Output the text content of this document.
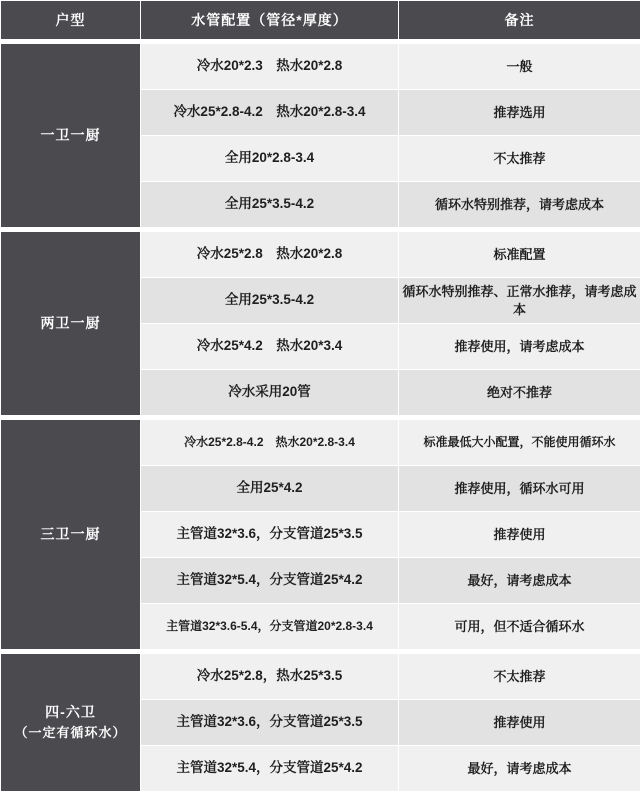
户型	水管配置（管径*厚度）	备注

一卫一厨	冷水20*2.3　热水20*2.8	一般
	冷水25*2.8-4.2　热水20*2.8-3.4	推荐选用
	全用20*2.8-3.4	不太推荐
	全用25*3.5-4.2	循环水特别推荐，请考虑成本

两卫一厨	冷水25*2.8　热水20*2.8	标准配置
	全用25*3.5-4.2	循环水特别推荐、正常水推荐，请考虑成本
	冷水25*4.2　热水20*3.4	推荐使用，请考虑成本
	冷水采用20管	绝对不推荐

三卫一厨	冷水25*2.8-4.2　热水20*2.8-3.4	标准最低大小配置，不能使用循环水
	全用25*4.2	推荐使用，循环水可用
	主管道32*3.6，分支管道25*3.5	推荐使用
	主管道32*5.4，分支管道25*4.2	最好，请考虑成本
	主管道32*3.6-5.4，分支管道20*2.8-3.4	可用，但不适合循环水

四-六卫
（一定有循环水）	冷水25*2.8，热水25*3.5	不太推荐
	主管道32*3.6，分支管道25*3.5	推荐使用
	主管道32*5.4，分支管道25*4.2	最好，请考虑成本
